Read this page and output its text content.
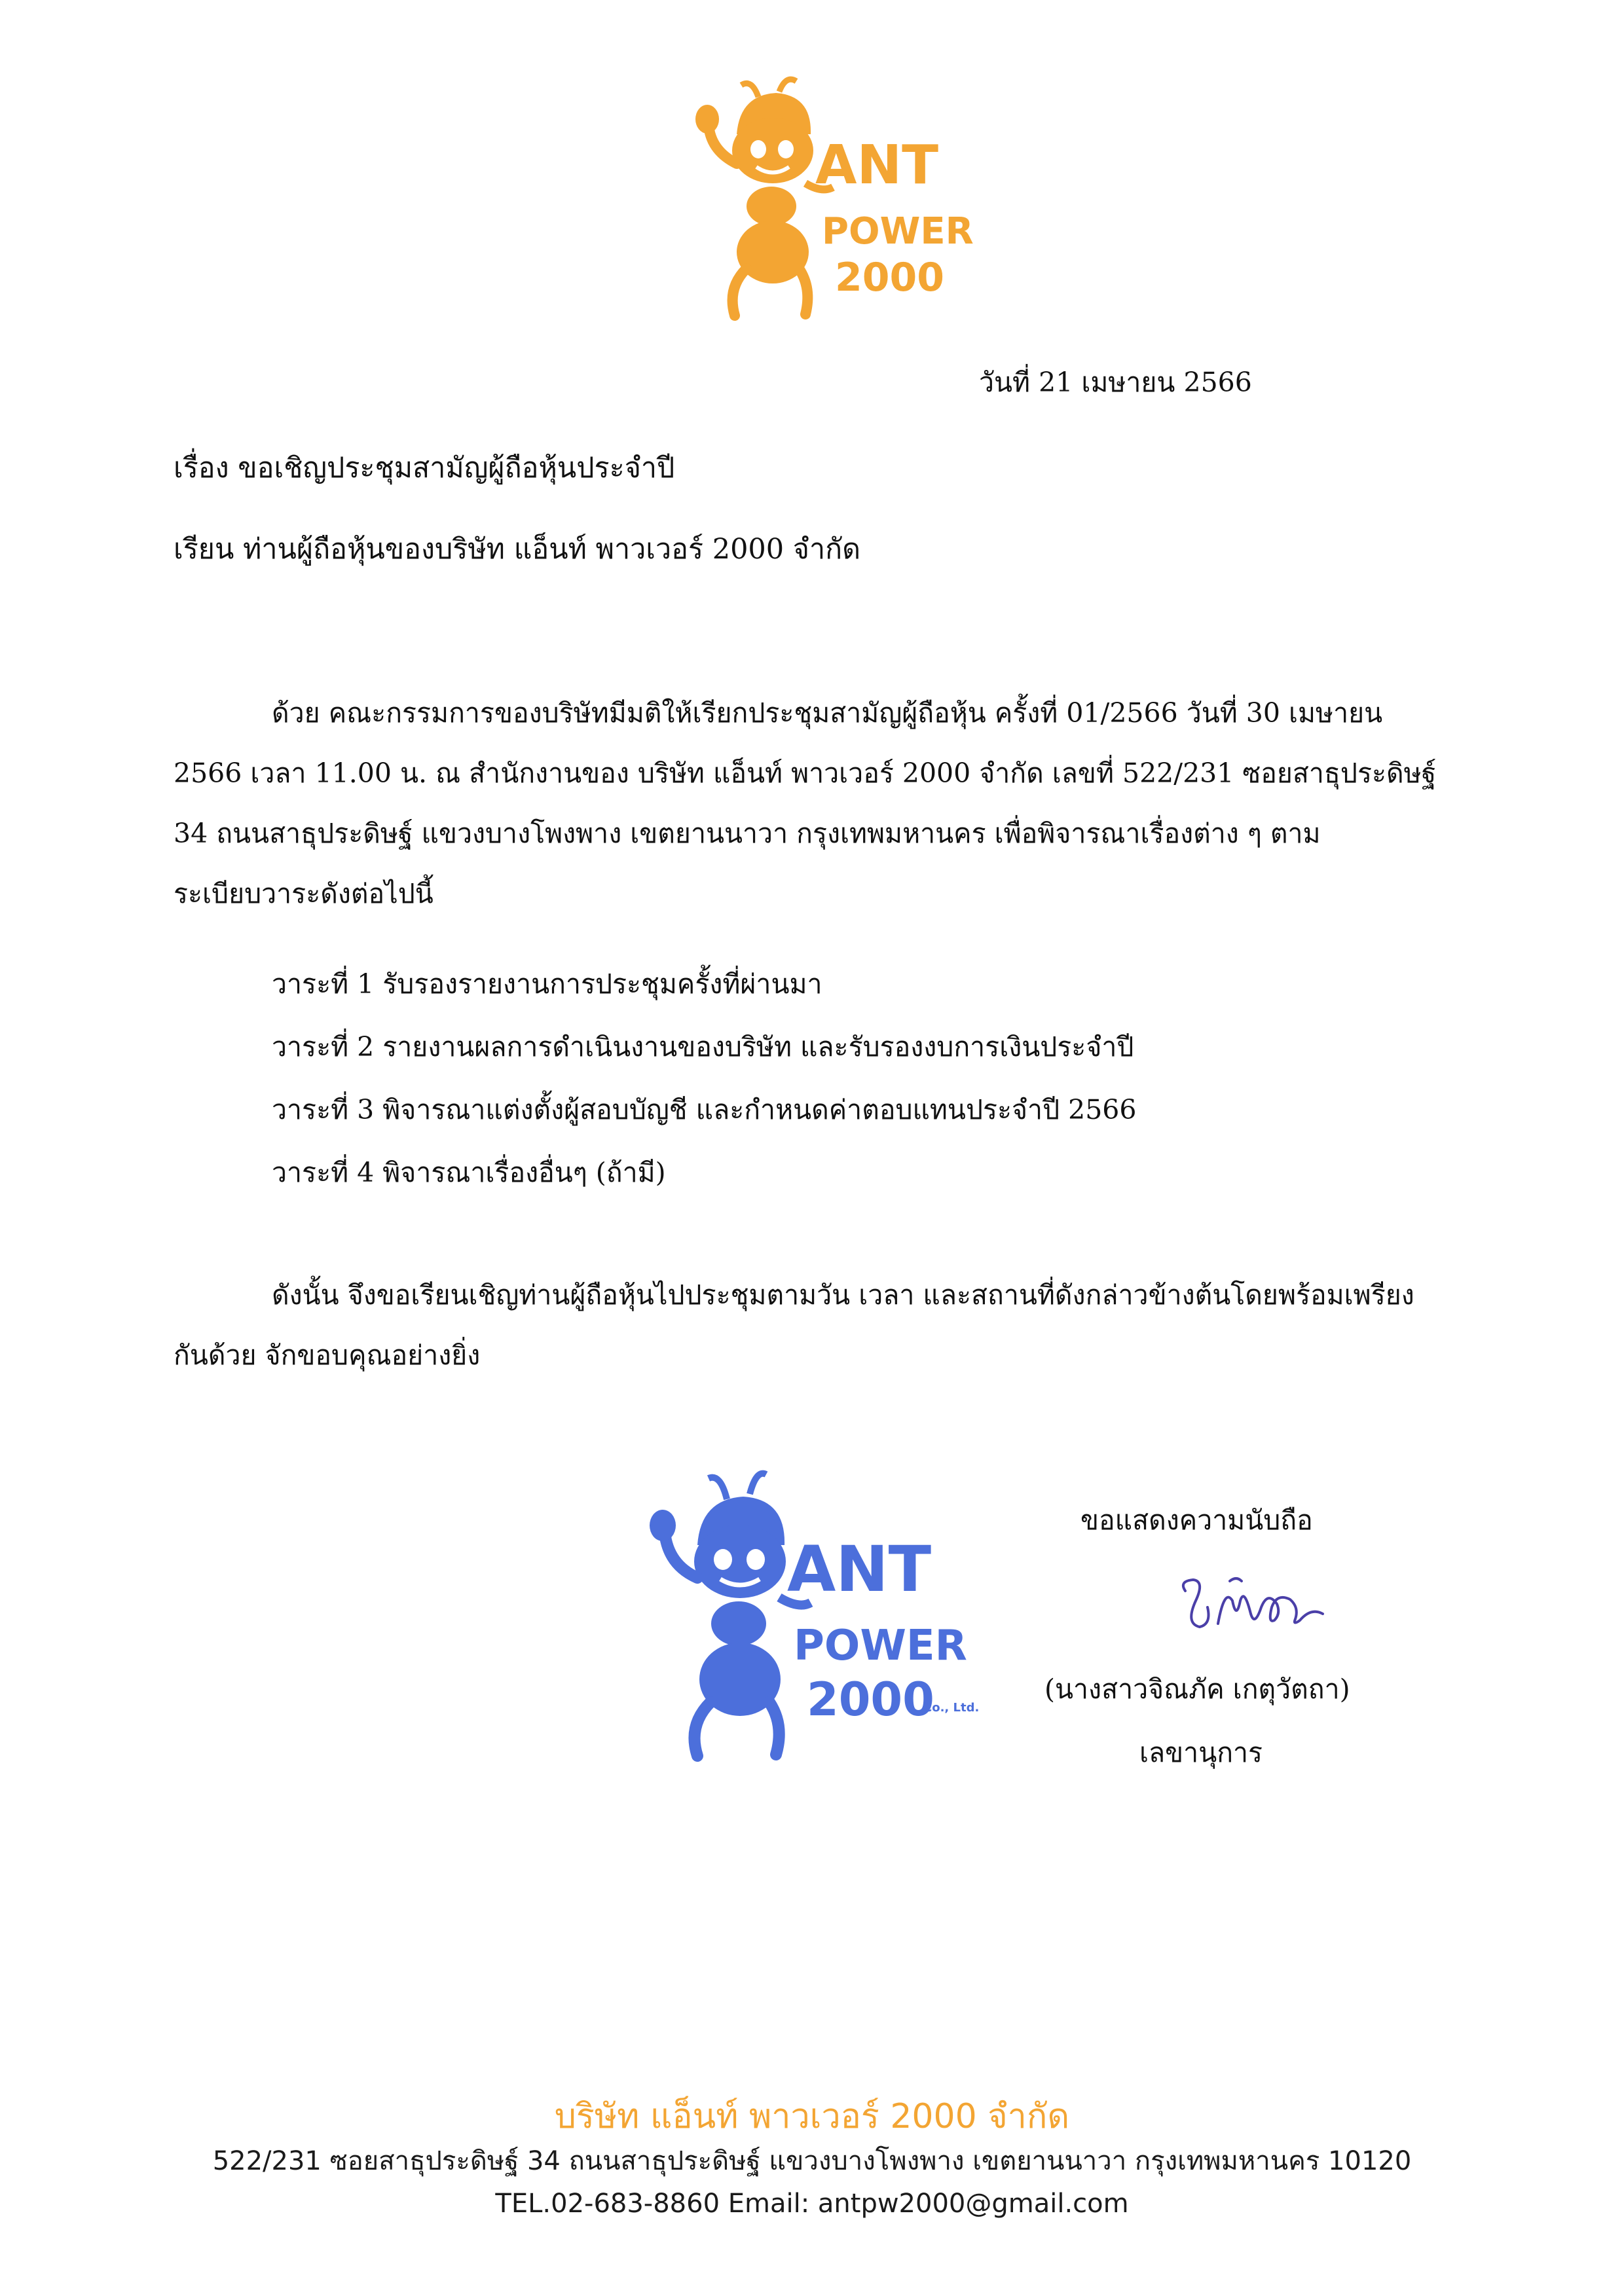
ANT
POWER
2000
วันที่ 21 เมษายน 2566
เรื่อง ขอเชิญประชุมสามัญผู้ถือหุ้นประจำปี
เรียน ท่านผู้ถือหุ้นของบริษัท แอ็นท์ พาวเวอร์ 2000 จำกัด
ด้วย คณะกรรมการของบริษัทมีมติให้เรียกประชุมสามัญผู้ถือหุ้น ครั้งที่ 01/2566 วันที่ 30 เมษายน 2566 เวลา 11.00 น. ณ สำนักงานของ บริษัท แอ็นท์ พาวเวอร์ 2000 จำกัด เลขที่ 522/231 ซอยสาธุประดิษฐ์ 34 ถนนสาธุประดิษฐ์ แขวงบางโพงพาง เขตยานนาวา กรุงเทพมหานคร เพื่อพิจารณาเรื่องต่าง ๆ ตามระเบียบวาระดังต่อไปนี้
วาระที่ 1 รับรองรายงานการประชุมครั้งที่ผ่านมา
วาระที่ 2 รายงานผลการดำเนินงานของบริษัท และรับรองงบการเงินประจำปี
วาระที่ 3 พิจารณาแต่งตั้งผู้สอบบัญชี และกำหนดค่าตอบแทนประจำปี 2566
วาระที่ 4 พิจารณาเรื่องอื่นๆ (ถ้ามี)
ดังนั้น จึงขอเรียนเชิญท่านผู้ถือหุ้นไปประชุมตามวัน เวลา และสถานที่ดังกล่าวข้างต้นโดยพร้อมเพรียงกันด้วย จักขอบคุณอย่างยิ่ง
ANT
POWER
2000
Co., Ltd.
ขอแสดงความนับถือ
(นางสาวจิณภัค เกตุวัตถา)
เลขานุการ
บริษัท แอ็นท์ พาวเวอร์ 2000 จำกัด
522/231 ซอยสาธุประดิษฐ์ 34 ถนนสาธุประดิษฐ์ แขวงบางโพงพาง เขตยานนาวา กรุงเทพมหานคร 10120
TEL.02-683-8860 Email: antpw2000@gmail.com
